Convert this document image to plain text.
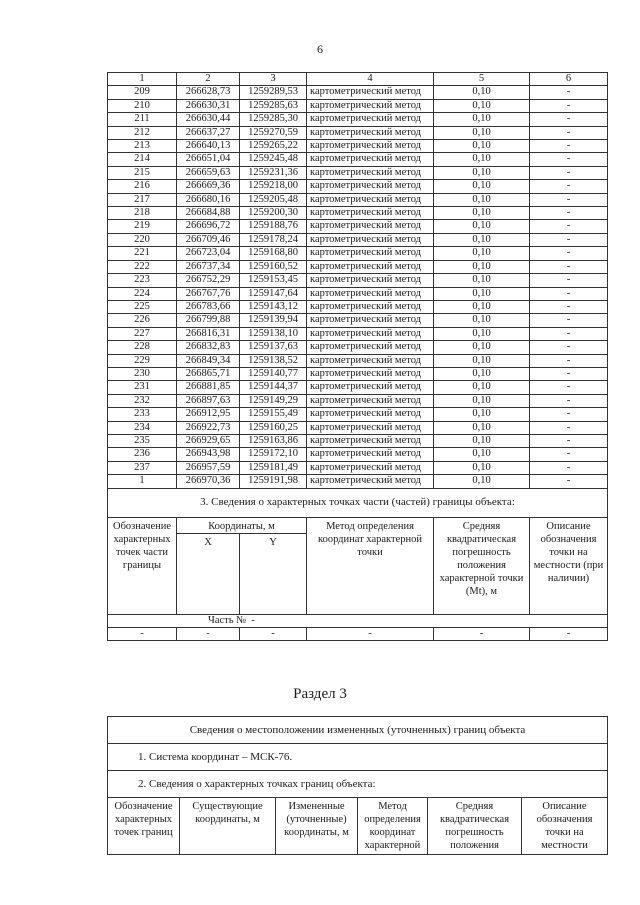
6
1	2	3	4	5	6
209	266628,73	1259289,53	картометрический метод	0,10	-
210	266630,31	1259285,63	картометрический метод	0,10	-
211	266630,44	1259285,30	картометрический метод	0,10	-
212	266637,27	1259270,59	картометрический метод	0,10	-
213	266640,13	1259265,22	картометрический метод	0,10	-
214	266651,04	1259245,48	картометрический метод	0,10	-
215	266659,63	1259231,36	картометрический метод	0,10	-
216	266669,36	1259218,00	картометрический метод	0,10	-
217	266680,16	1259205,48	картометрический метод	0,10	-
218	266684,88	1259200,30	картометрический метод	0,10	-
219	266696,72	1259188,76	картометрический метод	0,10	-
220	266709,46	1259178,24	картометрический метод	0,10	-
221	266723,04	1259168,80	картометрический метод	0,10	-
222	266737,34	1259160,52	картометрический метод	0,10	-
223	266752,29	1259153,45	картометрический метод	0,10	-
224	266767,76	1259147,64	картометрический метод	0,10	-
225	266783,66	1259143,12	картометрический метод	0,10	-
226	266799,88	1259139,94	картометрический метод	0,10	-
227	266816,31	1259138,10	картометрический метод	0,10	-
228	266832,83	1259137,63	картометрический метод	0,10	-
229	266849,34	1259138,52	картометрический метод	0,10	-
230	266865,71	1259140,77	картометрический метод	0,10	-
231	266881,85	1259144,37	картометрический метод	0,10	-
232	266897,63	1259149,29	картометрический метод	0,10	-
233	266912,95	1259155,49	картометрический метод	0,10	-
234	266922,73	1259160,25	картометрический метод	0,10	-
235	266929,65	1259163,86	картометрический метод	0,10	-
236	266943,98	1259172,10	картометрический метод	0,10	-
237	266957,59	1259181,49	картометрический метод	0,10	-
1	266970,36	1259191,98	картометрический метод	0,10	-
3. Сведения о характерных точках части (частей) границы объекта:					
Обозначение характерных точек части границы	Координаты, м		Метод определения координат характерной точки	Средняя квадратическая погрешность положения характерной точки (Mt), м	Описание обозначения точки на местности (при наличии)
	X	Y			
Часть № -					
-	-	-	-	-	-
Раздел 3
Сведения о местоположении измененных (уточненных) границ объекта
1. Система координат – МСК-76.
2. Сведения о характерных точках границ объекта:
Обозначение характерных точек границ	Существующие координаты, м	Измененные (уточненные) координаты, м	Метод определения координат характерной	Средняя квадратическая погрешность положения	Описание обозначения точки на местности
